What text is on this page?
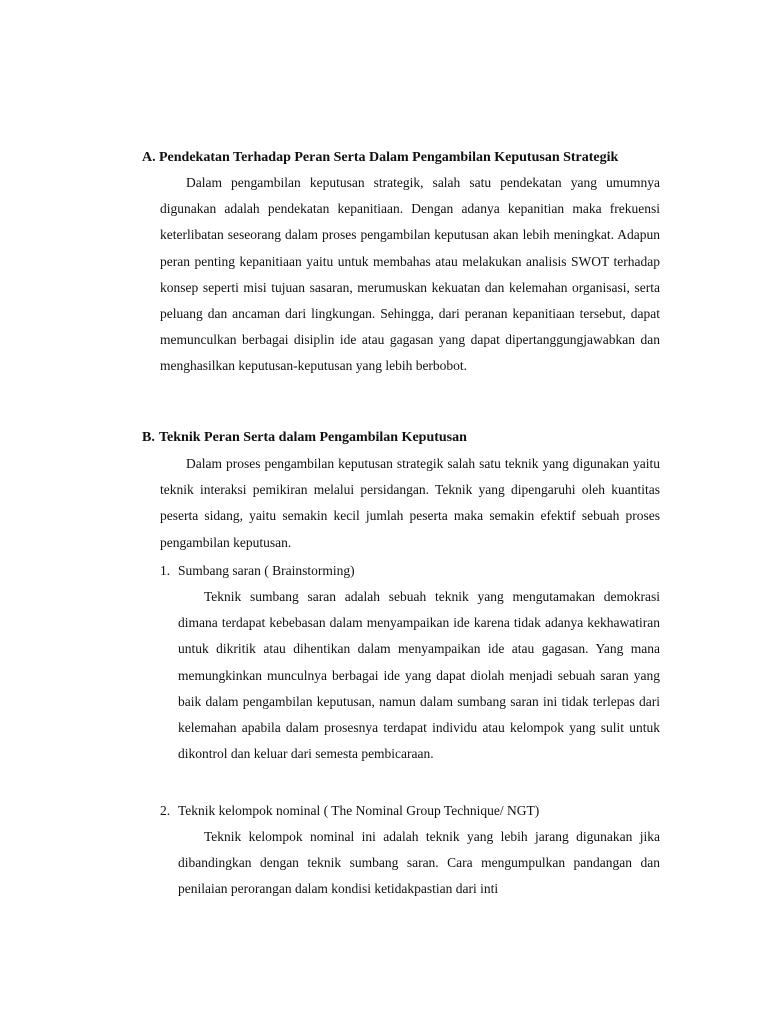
A. Pendekatan Terhadap Peran Serta Dalam Pengambilan Keputusan Strategik

Dalam pengambilan keputusan strategik, salah satu pendekatan yang umumnya digunakan adalah pendekatan kepanitiaan. Dengan adanya kepanitian maka frekuensi keterlibatan seseorang dalam proses pengambilan keputusan akan lebih meningkat. Adapun peran penting kepanitiaan yaitu untuk membahas atau melakukan analisis SWOT terhadap konsep seperti misi tujuan sasaran, merumuskan kekuatan dan kelemahan organisasi, serta peluang dan ancaman dari lingkungan. Sehingga, dari peranan kepanitiaan tersebut, dapat memunculkan berbagai disiplin ide atau gagasan yang dapat dipertanggungjawabkan dan menghasilkan keputusan-keputusan yang lebih berbobot.

B. Teknik Peran Serta dalam Pengambilan Keputusan

Dalam proses pengambilan keputusan strategik salah satu teknik yang digunakan yaitu teknik interaksi pemikiran melalui persidangan. Teknik yang dipengaruhi oleh kuantitas peserta sidang, yaitu semakin kecil jumlah peserta maka semakin efektif sebuah proses pengambilan keputusan.

1. Sumbang saran ( Brainstorming)

Teknik sumbang saran adalah sebuah teknik yang mengutamakan demokrasi dimana terdapat kebebasan dalam menyampaikan ide karena tidak adanya kekhawatiran untuk dikritik atau dihentikan dalam menyampaikan ide atau gagasan. Yang mana memungkinkan munculnya berbagai ide yang dapat diolah menjadi sebuah saran yang baik dalam pengambilan keputusan, namun dalam sumbang saran ini tidak terlepas dari kelemahan apabila dalam prosesnya terdapat individu atau kelompok yang sulit untuk dikontrol dan keluar dari semesta pembicaraan.

2. Teknik kelompok nominal ( The Nominal Group Technique/ NGT)

Teknik kelompok nominal ini adalah teknik yang lebih jarang digunakan jika dibandingkan dengan teknik sumbang saran. Cara mengumpulkan pandangan dan penilaian perorangan dalam kondisi ketidakpastian dari inti
